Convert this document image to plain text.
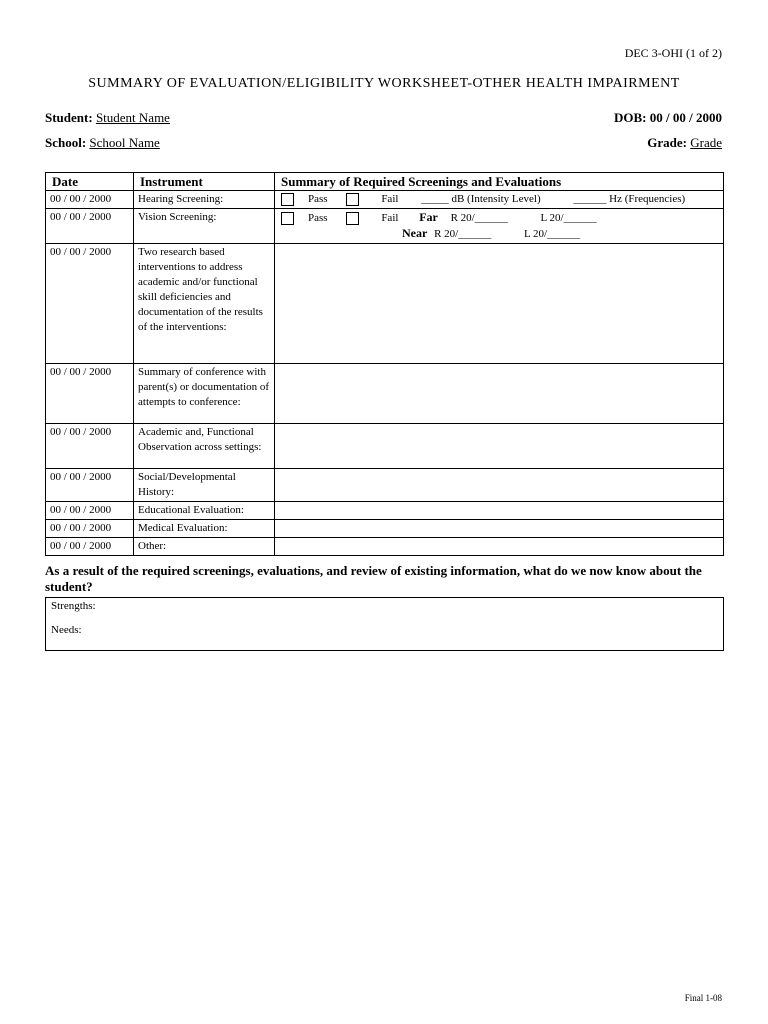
DEC 3-OHI (1 of 2)
SUMMARY OF EVALUATION/ELIGIBILITY WORKSHEET-OTHER HEALTH IMPAIRMENT
Student: Student Name	DOB: 00 / 00 / 2000
School: School Name	Grade: Grade
Date	Instrument	Summary of Required Screenings and Evaluations
00 / 00 / 2000	Hearing Screening:	Pass Fail _____ dB (Intensity Level) ______ Hz (Frequencies)
00 / 00 / 2000	Vision Screening:	Pass Fail Far R 20/______ L 20/______
Near R 20/______ L 20/______

00 / 00 / 2000	Two research based interventions to address academic and/or functional skill deficiencies and documentation of the results of the interventions:	
00 / 00 / 2000	Summary of conference with parent(s) or documentation of attempts to conference:	
00 / 00 / 2000	Academic and, Functional Observation across settings:	
00 / 00 / 2000	Social/Developmental History:	
00 / 00 / 2000	Educational Evaluation:	
00 / 00 / 2000	Medical Evaluation:	
00 / 00 / 2000	Other:	
As a result of the required screenings, evaluations, and review of existing information, what do we now know about the student?
Strengths:
Needs:
Final 1-08
